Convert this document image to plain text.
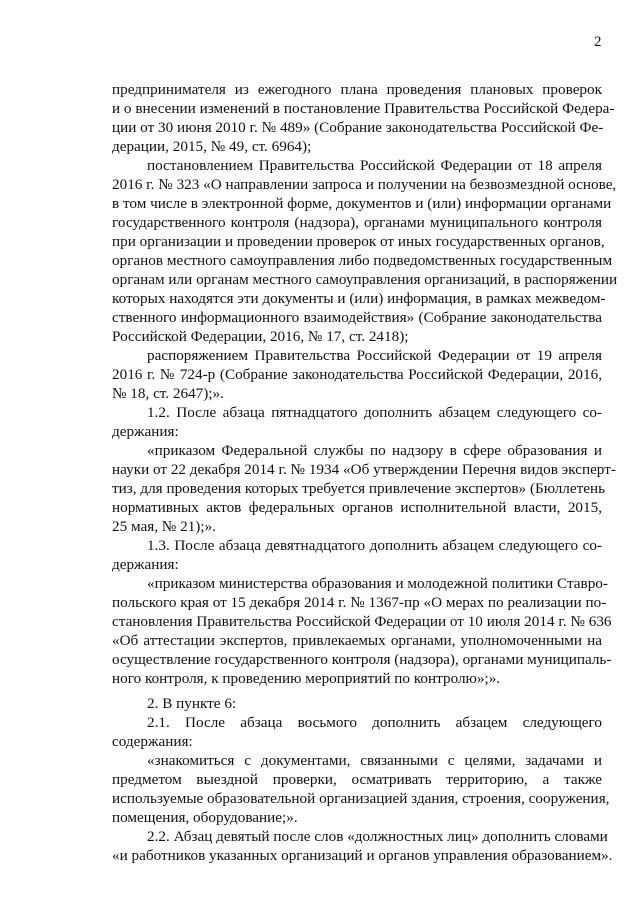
2
предпринимателя из ежегодного плана проведения плановых проверок
и о внесении изменений в постановление Правительства Российской Федера-
ции от 30 июня 2010 г. № 489» (Собрание законодательства Российской Фе-
дерации, 2015, № 49, ст. 6964);
постановлением Правительства Российской Федерации от 18 апреля
2016 г. № 323 «О направлении запроса и получении на безвозмездной основе,
в том числе в электронной форме, документов и (или) информации органами
государственного контроля (надзора), органами муниципального контроля
при организации и проведении проверок от иных государственных органов,
органов местного самоуправления либо подведомственных государственным
органам или органам местного самоуправления организаций, в распоряжении
которых находятся эти документы и (или) информация, в рамках межведом-
ственного информационного взаимодействия» (Собрание законодательства
Российской Федерации, 2016, № 17, ст. 2418);
распоряжением Правительства Российской Федерации от 19 апреля
2016 г. № 724-р (Собрание законодательства Российской Федерации, 2016,
№ 18, ст. 2647);».
1.2. После абзаца пятнадцатого дополнить абзацем следующего со-
держания:
«приказом Федеральной службы по надзору в сфере образования и
науки от 22 декабря 2014 г. № 1934 «Об утверждении Перечня видов эксперт-
тиз, для проведения которых требуется привлечение экспертов» (Бюллетень
нормативных актов федеральных органов исполнительной власти, 2015,
25 мая, № 21);».
1.3. После абзаца девятнадцатого дополнить абзацем следующего со-
держания:
«приказом министерства образования и молодежной политики Ставро-
польского края от 15 декабря 2014 г. № 1367-пр «О мерах по реализации по-
становления Правительства Российской Федерации от 10 июля 2014 г. № 636
«Об аттестации экспертов, привлекаемых органами, уполномоченными на
осуществление государственного контроля (надзора), органами муниципаль-
ного контроля, к проведению мероприятий по контролю»;».
2. В пункте 6:
2.1. После абзаца восьмого дополнить абзацем следующего
содержания:
«знакомиться с документами, связанными с целями, задачами и
предметом выездной проверки, осматривать территорию, а также
используемые образовательной организацией здания, строения, сооружения,
помещения, оборудование;».
2.2. Абзац девятый после слов «должностных лиц» дополнить словами
«и работников указанных организаций и органов управления образованием».
